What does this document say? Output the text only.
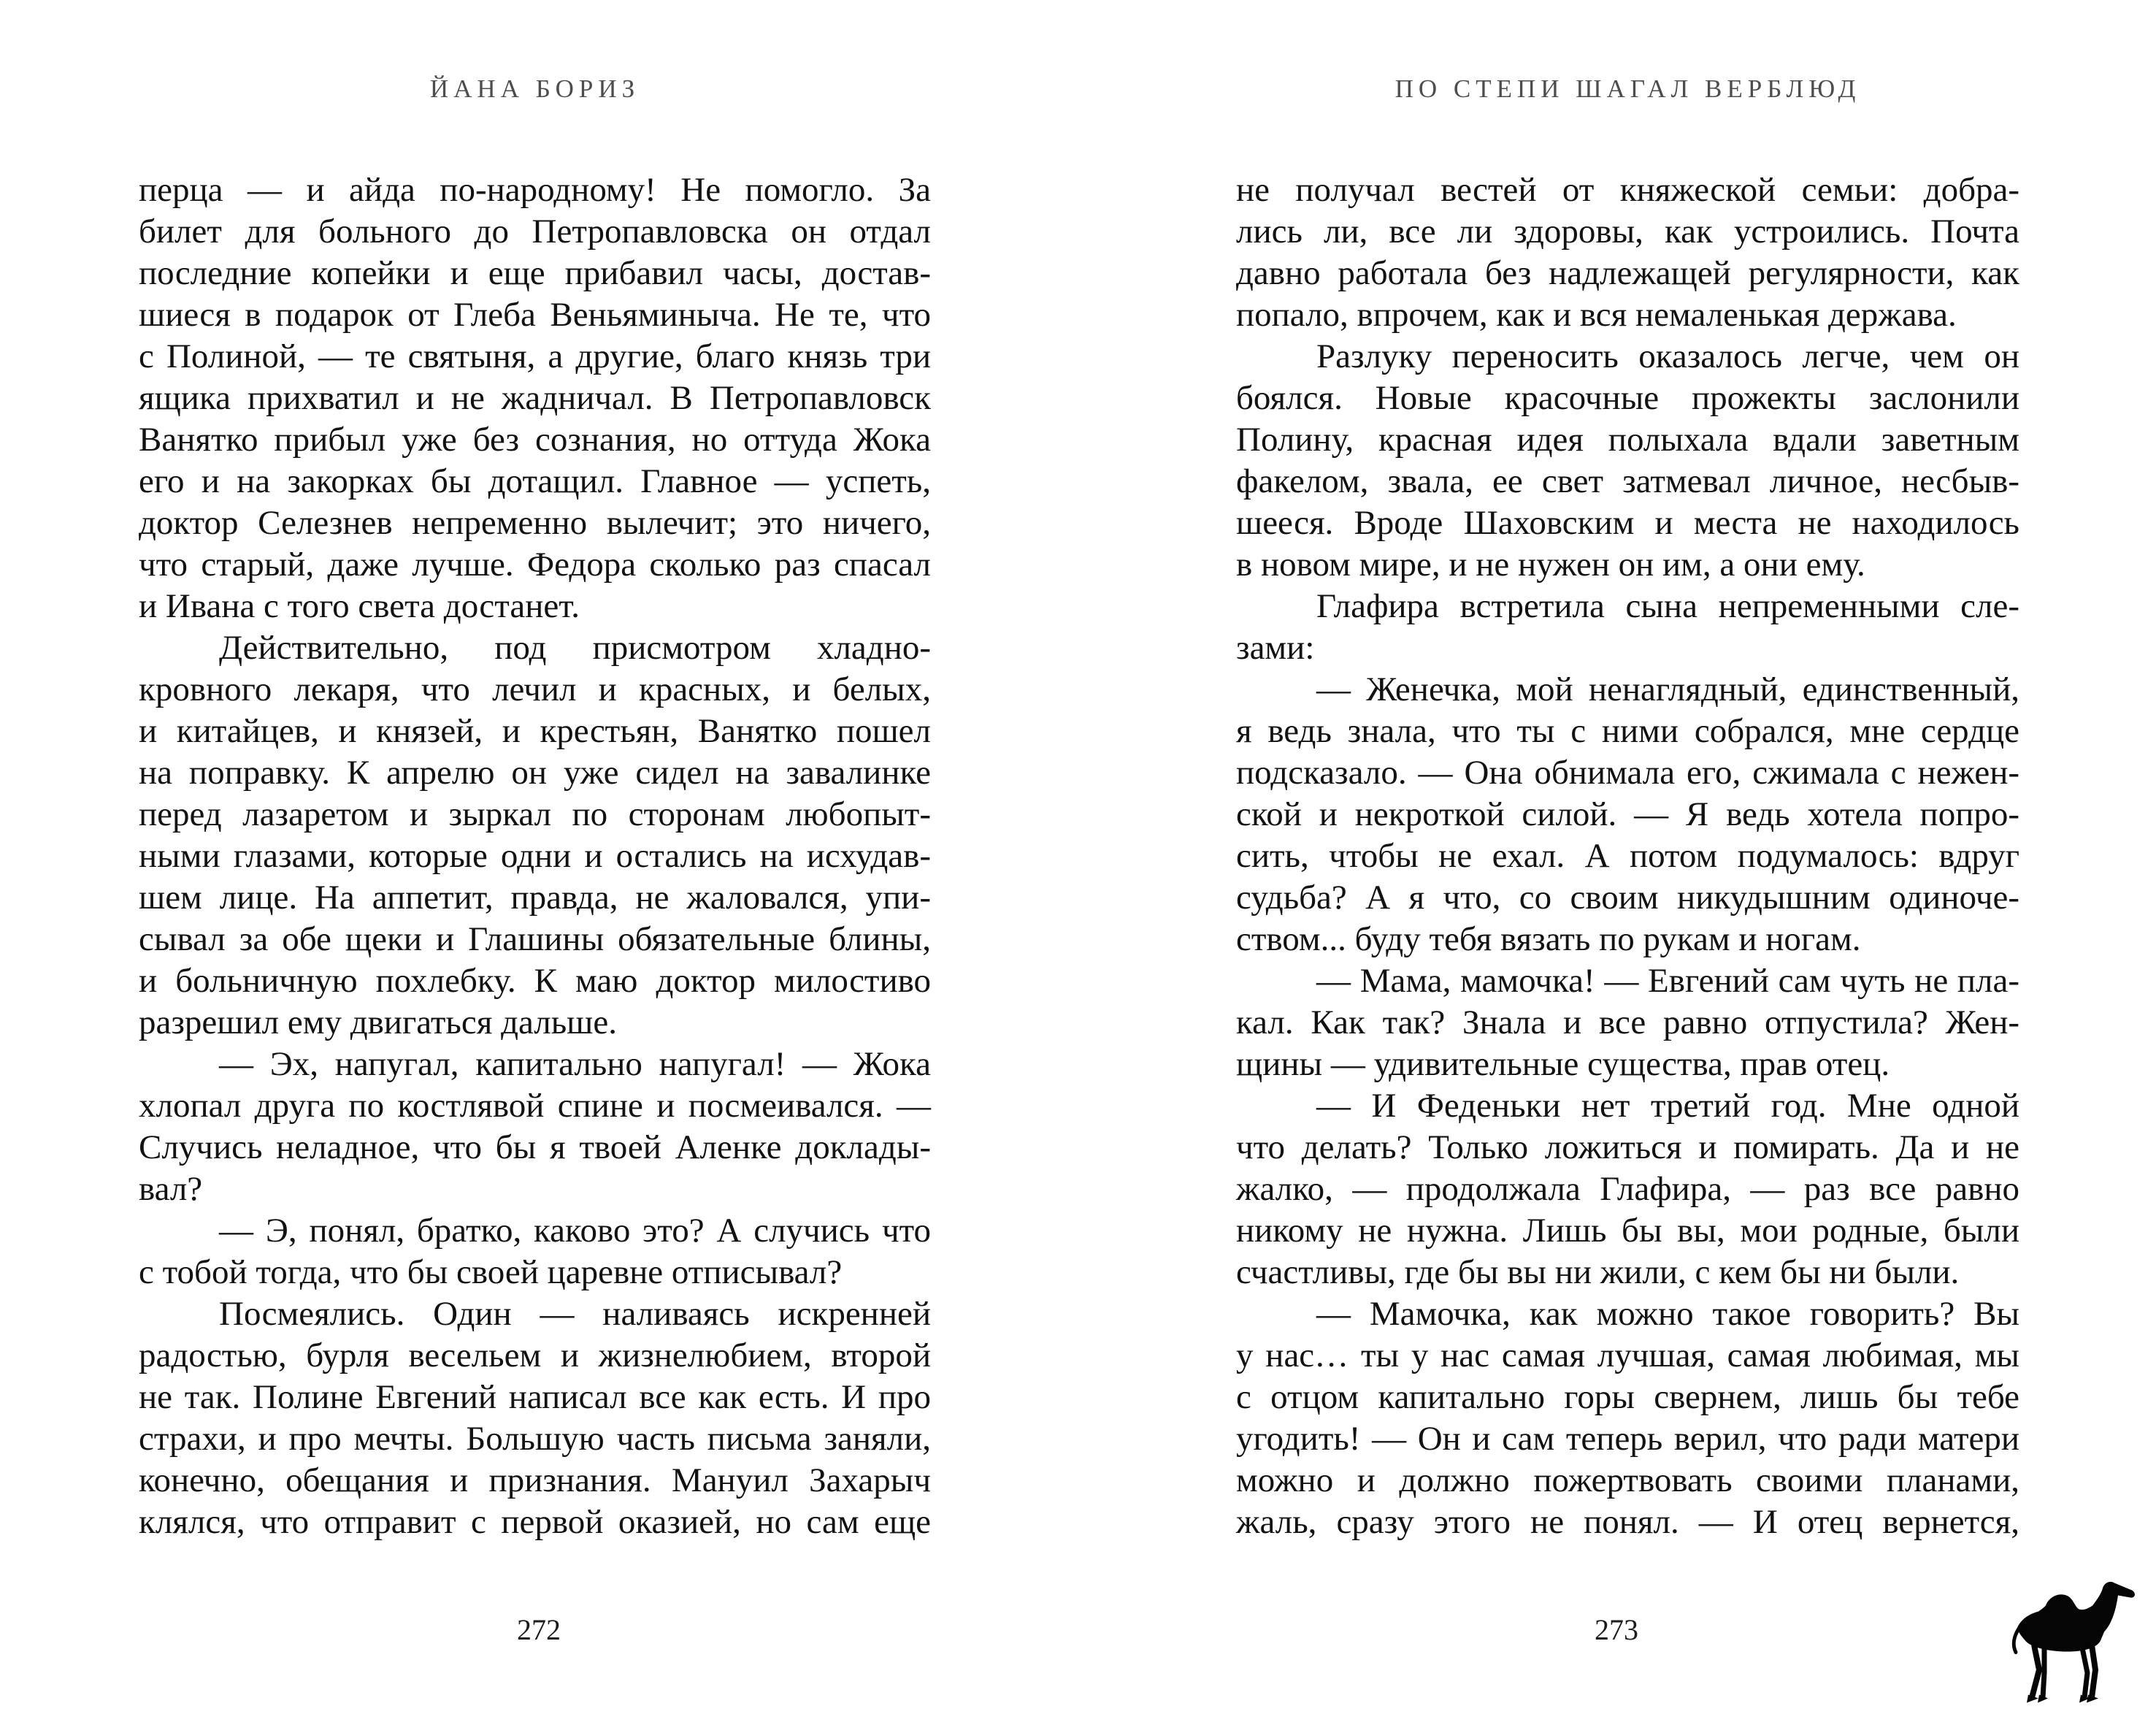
ЙАНА БОРИЗ
перца — и айда по-народному! Не помогло. За
билет для больного до Петропавловска он отдал
последние копейки и еще прибавил часы, достав-
шиеся в подарок от Глеба Веньяминыча. Не те, что
с Полиной, — те святыня, а другие, благо князь три
ящика прихватил и не жадничал. В Петропавловск
Ванятко прибыл уже без сознания, но оттуда Жока
его и на закорках бы дотащил. Главное — успеть,
доктор Селезнев непременно вылечит; это ничего,
что старый, даже лучше. Федора сколько раз спасал
и Ивана с того света достанет.
Действительно, под присмотром хладно-
кровного лекаря, что лечил и красных, и белых,
и китайцев, и князей, и крестьян, Ванятко пошел
на поправку. К апрелю он уже сидел на завалинке
перед лазаретом и зыркал по сторонам любопыт-
ными глазами, которые одни и остались на исхудав-
шем лице. На аппетит, правда, не жаловался, упи-
сывал за обе щеки и Глашины обязательные блины,
и больничную похлебку. К маю доктор милостиво
разрешил ему двигаться дальше.
— Эх, напугал, капитально напугал! — Жока
хлопал друга по костлявой спине и посмеивался. —
Случись неладное, что бы я твоей Аленке доклады-
вал?
— Э, понял, братко, каково это? А случись что
с тобой тогда, что бы своей царевне отписывал?
Посмеялись. Один — наливаясь искренней
радостью, бурля весельем и жизнелюбием, второй
не так. Полине Евгений написал все как есть. И про
страхи, и про мечты. Большую часть письма заняли,
конечно, обещания и признания. Мануил Захарыч
клялся, что отправит с первой оказией, но сам еще
272
ПО СТЕПИ ШАГАЛ ВЕРБЛЮД
не получал вестей от княжеской семьи: добра-
лись ли, все ли здоровы, как устроились. Почта
давно работала без надлежащей регулярности, как
попало, впрочем, как и вся немаленькая держава.
Разлуку переносить оказалось легче, чем он
боялся. Новые красочные прожекты заслонили
Полину, красная идея полыхала вдали заветным
факелом, звала, ее свет затмевал личное, несбыв-
шееся. Вроде Шаховским и места не находилось
в новом мире, и не нужен он им, а они ему.
Глафира встретила сына непременными сле-
зами:
— Женечка, мой ненаглядный, единственный,
я ведь знала, что ты с ними собрался, мне сердце
подсказало. — Она обнимала его, сжимала с нежен-
ской и некроткой силой. — Я ведь хотела попро-
сить, чтобы не ехал. А потом подумалось: вдруг
судьба? А я что, со своим никудышним одиноче-
ством... буду тебя вязать по рукам и ногам.
— Мама, мамочка! — Евгений сам чуть не пла-
кал. Как так? Знала и все равно отпустила? Жен-
щины — удивительные существа, прав отец.
— И Феденьки нет третий год. Мне одной
что делать? Только ложиться и помирать. Да и не
жалко, — продолжала Глафира, — раз все равно
никому не нужна. Лишь бы вы, мои родные, были
счастливы, где бы вы ни жили, с кем бы ни были.
— Мамочка, как можно такое говорить? Вы
у нас… ты у нас самая лучшая, самая любимая, мы
с отцом капитально горы свернем, лишь бы тебе
угодить! — Он и сам теперь верил, что ради матери
можно и должно пожертвовать своими планами,
жаль, сразу этого не понял. — И отец вернется,
273
